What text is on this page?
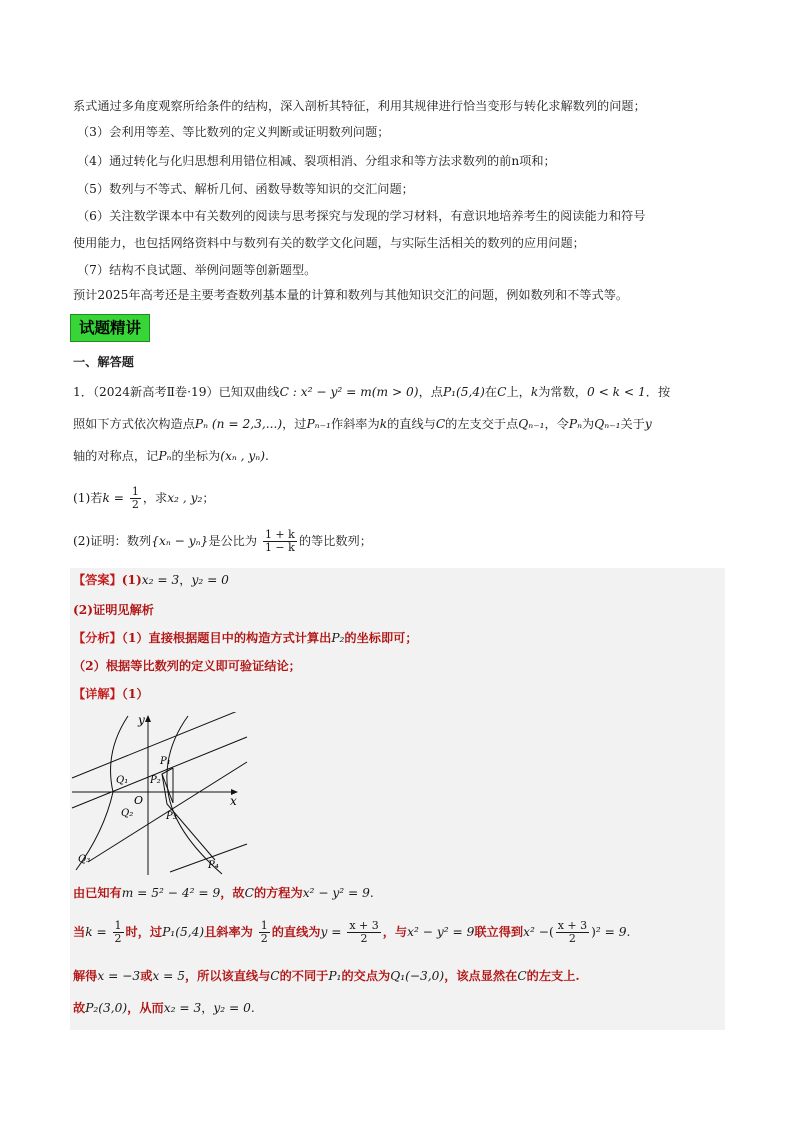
系式通过多角度观察所给条件的结构，深入剖析其特征，利用其规律进行恰当变形与转化求解数列的问题；
（3）会利用等差、等比数列的定义判断或证明数列问题；
（4）通过转化与化归思想利用错位相减、裂项相消、分组求和等方法求数列的前n项和；
（5）数列与不等式、解析几何、函数导数等知识的交汇问题；
（6）关注数学课本中有关数列的阅读与思考探究与发现的学习材料，有意识地培养考生的阅读能力和符号
使用能力，也包括网络资料中与数列有关的数学文化问题，与实际生活相关的数列的应用问题；
（7）结构不良试题、举例问题等创新题型。
预计2025年高考还是主要考查数列基本量的计算和数列与其他知识交汇的问题，例如数列和不等式等。
试题精讲
一、解答题
1．（2024新高考Ⅱ卷·19）已知双曲线C : x² − y² = m(m > 0)，点P₁(5,4)在C上，k为常数，0 < k < 1．按
照如下方式依次构造点Pₙ (n = 2,3,...)，过Pₙ₋₁作斜率为k的直线与C的左支交于点Qₙ₋₁，令Pₙ为Qₙ₋₁关于y
轴的对称点，记Pₙ的坐标为(xₙ , yₙ).
(1)若$k = \frac{1}{2}$ ，求x₂ , y₂；
(2)证明：数列{xₙ − yₙ}是公比为 $\frac{1 + k}{1 - k}$ 的等比数列；
【答案】(1)x₂ = 3，y₂ = 0
(2)证明见解析
【分析】（1）直接根据题目中的构造方式计算出P₂的坐标即可；
（2）根据等比数列的定义即可验证结论；
【详解】（1）
x
y
O
P₁
P₂
P₃
P₄
Q₁
Q₂
Q₃
由已知有m = 5² − 4² = 9，故C的方程为x² − y² = 9.
当$k = \frac{1}{2}$ 时，过P₁(5,4)且斜率为 $\frac{1}{2}$ 的直线为$y = \frac{x + 3}{2}$ ，与x² − y² = 9联立得到x² −( $\frac{x + 3}{2} )^2 = 9$.
解得x = −3或x = 5，所以该直线与C的不同于P₁的交点为Q₁(−3,0)，该点显然在C的左支上.
故P₂(3,0)，从而x₂ = 3，y₂ = 0.
